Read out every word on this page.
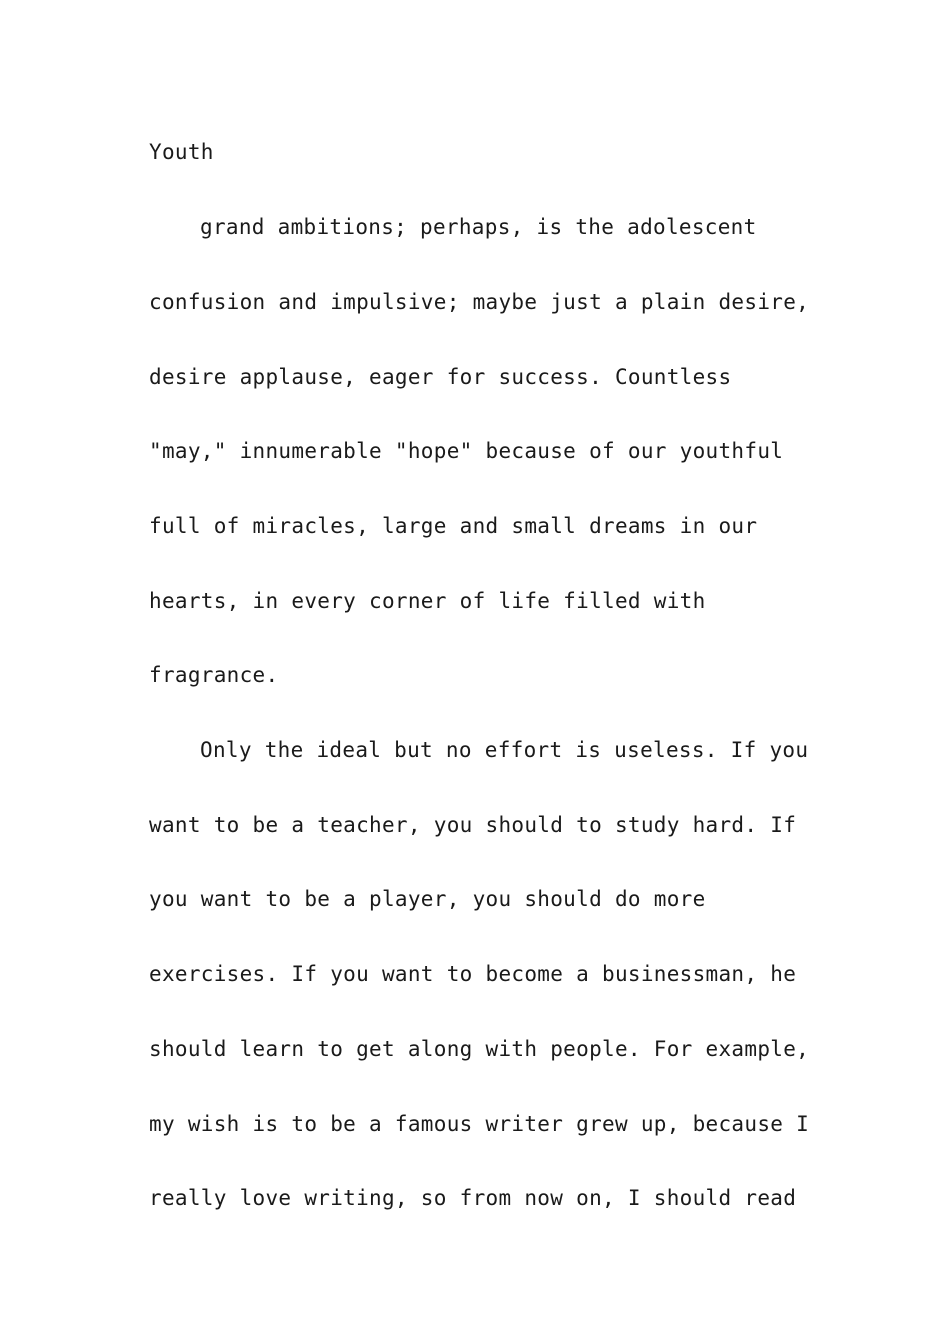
Youth

grand ambitions; perhaps, is the adolescent

confusion and impulsive; maybe just a plain desire,

desire applause, eager for success. Countless

"may," innumerable "hope" because of our youthful

full of miracles, large and small dreams in our

hearts, in every corner of life filled with

fragrance.

Only the ideal but no effort is useless. If you

want to be a teacher, you should to study hard. If

you want to be a player, you should do more

exercises. If you want to become a businessman, he

should learn to get along with people. For example,

my wish is to be a famous writer grew up, because I

really love writing, so from now on, I should read
